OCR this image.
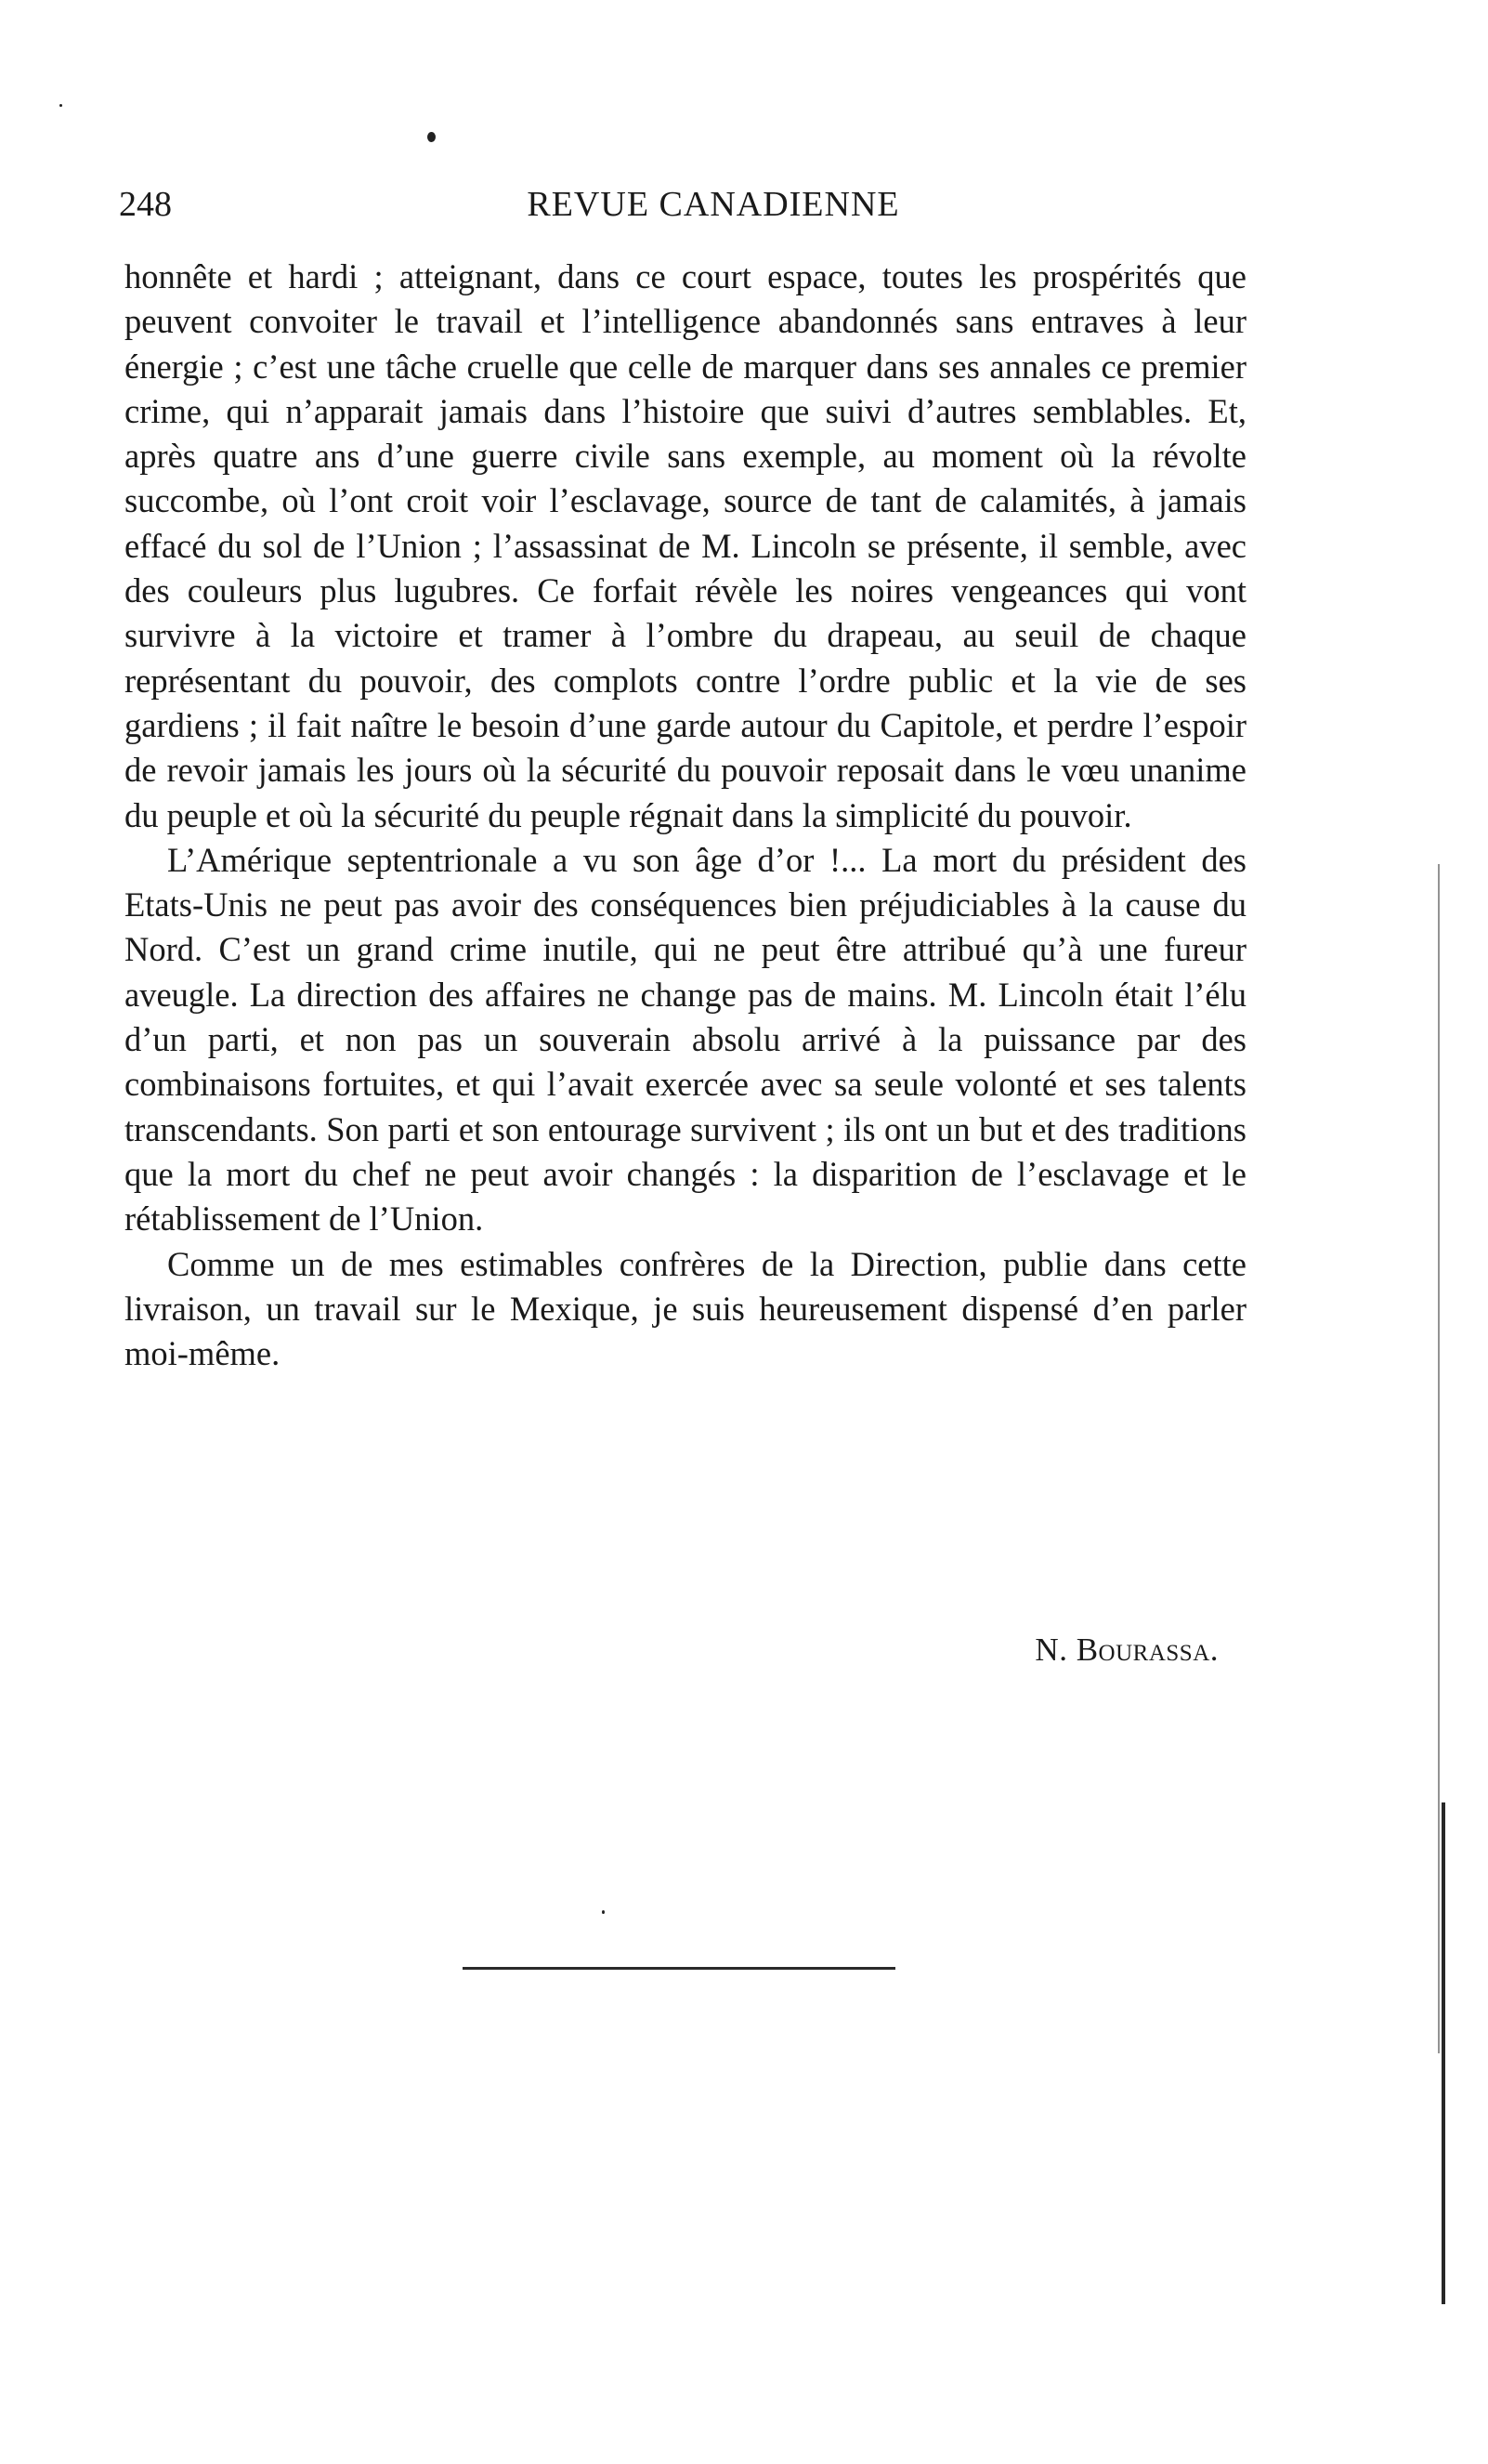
248	REVUE CANADIENNE

honnête et hardi ; atteignant, dans ce court espace, toutes les prospérités que peuvent convoiter le travail et l’intelligence abandonnés sans entraves à leur énergie ; c’est une tâche cruelle que celle de marquer dans ses annales ce premier crime, qui n’apparait jamais dans l’histoire que suivi d’autres semblables. Et, après quatre ans d’une guerre civile sans exemple, au moment où la révolte succombe, où l’ont croit voir l’esclavage, source de tant de calamités, à jamais effacé du sol de l’Union ; l’assassinat de M. Lincoln se présente, il semble, avec des couleurs plus lugubres. Ce forfait révèle les noires vengeances qui vont survivre à la victoire et tramer à l’ombre du drapeau, au seuil de chaque représentant du pouvoir, des complots contre l’ordre public et la vie de ses gardiens ; il fait naître le besoin d’une garde autour du Capitole, et perdre l’espoir de revoir jamais les jours où la sécurité du pouvoir reposait dans le vœu unanime du peuple et où la sécurité du peuple régnait dans la simplicité du pouvoir.

L’Amérique septentrionale a vu son âge d’or !... La mort du président des Etats-Unis ne peut pas avoir des conséquences bien préjudiciables à la cause du Nord. C’est un grand crime inutile, qui ne peut être attribué qu’à une fureur aveugle. La direction des affaires ne change pas de mains. M. Lincoln était l’élu d’un parti, et non pas un souverain absolu arrivé à la puissance par des combinaisons fortuites, et qui l’avait exercée avec sa seule volonté et ses talents transcendants. Son parti et son entourage survivent ; ils ont un but et des traditions que la mort du chef ne peut avoir changés : la disparition de l’esclavage et le rétablissement de l’Union.

Comme un de mes estimables confrères de la Direction, publie dans cette livraison, un travail sur le Mexique, je suis heureusement dispensé d’en parler moi-même.

N. Bourassa.
